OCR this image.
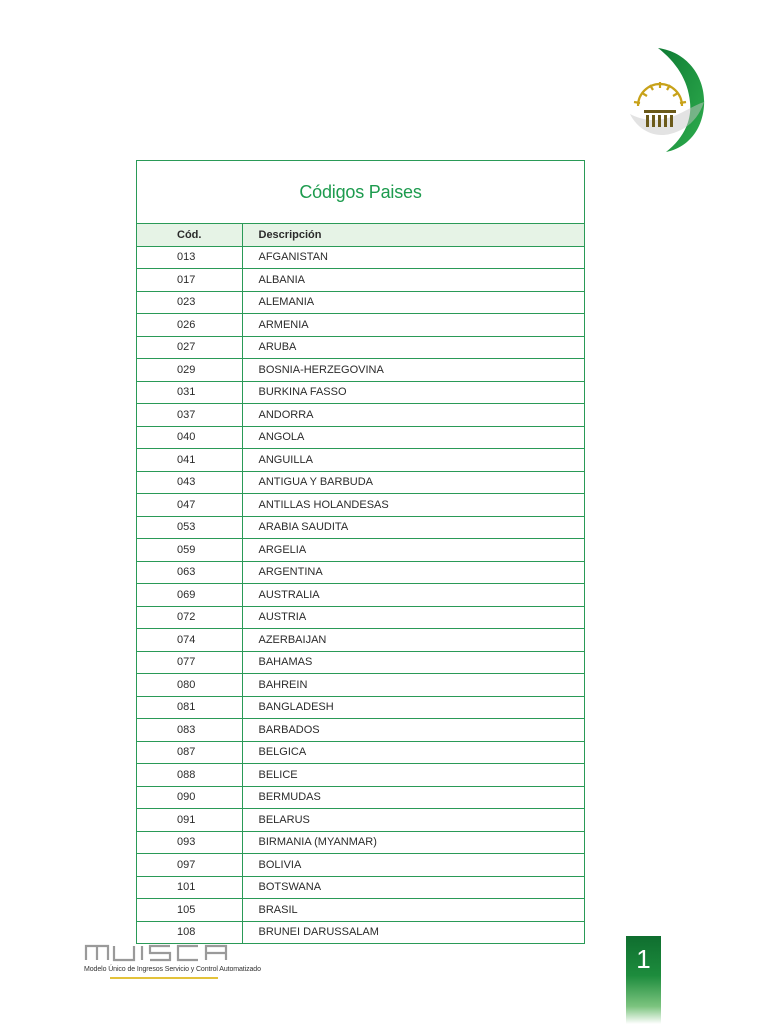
Códigos Paises
Cód.	Descripción
013	AFGANISTAN
017	ALBANIA
023	ALEMANIA
026	ARMENIA
027	ARUBA
029	BOSNIA-HERZEGOVINA
031	BURKINA FASSO
037	ANDORRA
040	ANGOLA
041	ANGUILLA
043	ANTIGUA Y BARBUDA
047	ANTILLAS HOLANDESAS
053	ARABIA SAUDITA
059	ARGELIA
063	ARGENTINA
069	AUSTRALIA
072	AUSTRIA
074	AZERBAIJAN
077	BAHAMAS
080	BAHREIN
081	BANGLADESH
083	BARBADOS
087	BELGICA
088	BELICE
090	BERMUDAS
091	BELARUS
093	BIRMANIA (MYANMAR)
097	BOLIVIA
101	BOTSWANA
105	BRASIL
108	BRUNEI DARUSSALAM
Modelo Único de Ingresos Servicio y Control Automatizado	1
